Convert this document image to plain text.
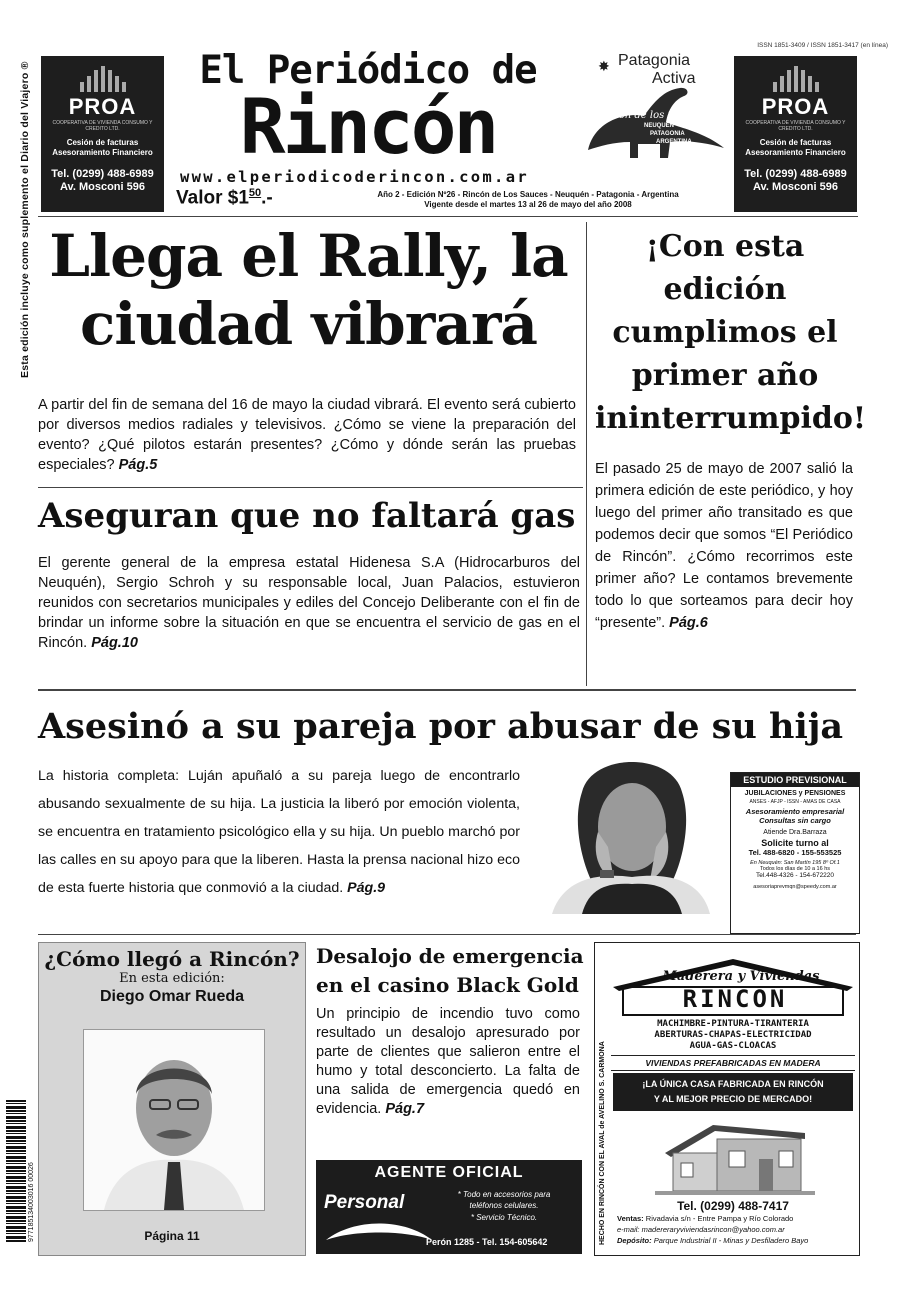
Esta edición incluye como suplemento el Diario del Viajero ®
ISSN 1851-3409 / ISSN 1851-3417 (en línea)
PROA
COOPERATIVA DE VIVIENDA CONSUMO Y CREDITO LTD.
Cesión de facturas
Asesoramiento Financiero
Tel. (0299) 488-6989
Av. Mosconi 596
PROA
COOPERATIVA DE VIVIENDA CONSUMO Y CREDITO LTD.
Cesión de facturas
Asesoramiento Financiero
Tel. (0299) 488-6989
Av. Mosconi 596
El Periódico de
Rincón
www.elperiodicoderincon.com.ar
Valor $\$1^{50}.-$	Año 2 - Edición Nº26 - Rincón de Los Sauces - Neuquén - Patagonia - Argentina
Vigente desde el martes 13 al 26 de mayo del año 2008
✸ Patagonia
Activa
Rincón de los Saurios
NEUQUÉN
PATAGONIA
ARGENTINA
Llega el Rally, la ciudad vibrará

A partir del fin de semana del 16 de mayo la ciudad vibrará. El evento será cubierto por diversos medios radiales y televisivos. ¿Cómo se viene la preparación del evento? ¿Qué pilotos estarán presentes? ¿Cómo y dónde serán las pruebas especiales? Pág.5

Aseguran que no faltará gas

El gerente general de la empresa estatal Hidenesa S.A (Hidrocarburos del Neuquén), Sergio Schroh y su responsable local, Juan Palacios, estuvieron reunidos con secretarios municipales y ediles del Concejo Deliberante con el fin de brindar un informe sobre la situación en que se encuentra el servicio de gas en el Rincón. Pág.10

¡Con esta edición cumplimos el primer año ininterrumpido!

El pasado 25 de mayo de 2007 salió la primera edición de este periódico, y hoy luego del primer año transitado es que podemos decir que somos “El Periódico de Rincón”. ¿Cómo recorrimos este primer año? Le contamos brevemente todo lo que sorteamos para decir hoy “presente”. Pág.6

Asesinó a su pareja por abusar de su hija

La historia completa: Luján apuñaló a su pareja luego de encontrarlo abusando sexualmente de su hija. La justicia la liberó por emoción violenta, se encuentra en tratamiento psicológico ella y su hija. Un pueblo marchó por las calles en su apoyo para que la liberen. Hasta la prensa nacional hizo eco de esta fuerte historia que conmovió a la ciudad. Pág.9

ESTUDIO PREVISIONAL
JUBILACIONES y PENSIONES
ANSES - AFJP - ISSN - AMAS DE CASA
Asesoramiento empresarial
Consultas sin cargo
Atiende Dra.Barraza
Solicite turno al
Tel. 488-6820 - 155-553525
En Neuquén: San Martín 195 8º Of.1
Todos los días de 10 a 16 hs
Tel.448-4326 - 154-672220
asesoriaprevmqn@speedy.com.ar
977185134003016 00026
¿Cómo llegó a Rincón?
En esta edición:
Diego Omar Rueda
Página 11
Desalojo de emergencia en el casino Black Gold

Un principio de incendio tuvo como resultado un desalojo apresurado por parte de clientes que salieron entre el humo y total desconcierto. La falta de una salida de emergencia quedó en evidencia. Pág.7

AGENTE OFICIAL
Personal	* Todo en accesorios para
teléfonos celulares.
* Servicio Técnico.
Perón 1285 - Tel. 154-605642	HECHO EN RINCÓN CON EL AVAL de AVELINO S. CARMONA
Maderera y Viviendas
RINCON
MACHIMBRE-PINTURA-TIRANTERIA
ABERTURAS-CHAPAS-ELECTRICIDAD
AGUA-GAS-CLOACAS
VIVIENDAS PREFABRICADAS EN MADERA
¡LA ÚNICA CASA FABRICADA EN RINCÓN
Y AL MEJOR PRECIO DE MERCADO!
Tel. (0299) 488-7417
Ventas: Rivadavia s/n - Entre Pampa y Río Colorado
e-mail: madereraryviviendasrincon@yahoo.com.ar
Depósito: Parque Industrial II - Minas y Desfiladero Bayo
